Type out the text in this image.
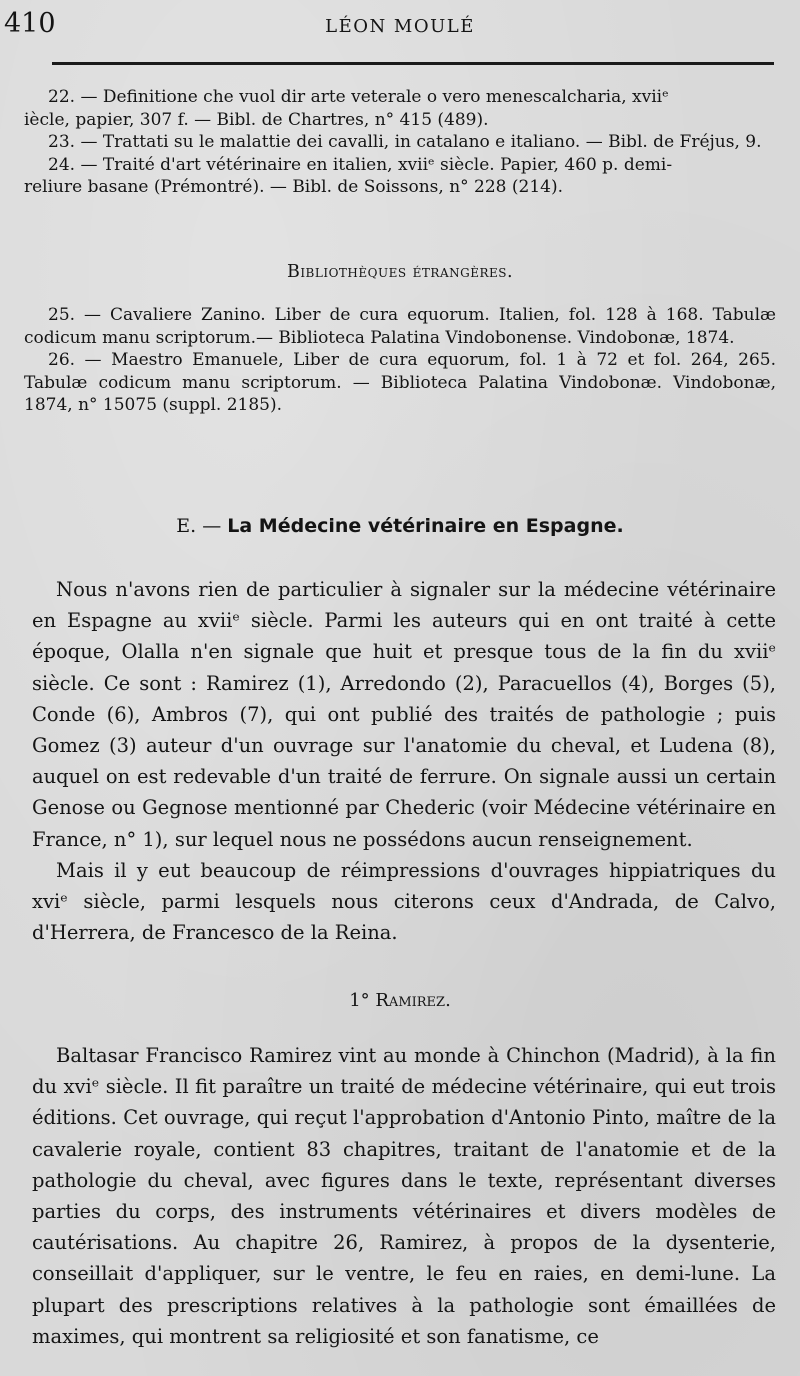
410	LÉON MOULÉ

22. — Definitione che vuol dir arte veterale o vero menescalcharia, xviiᵉ

iècle, papier, 307 f. — Bibl. de Chartres, n° 415 (489).

23. — Trattati su le malattie dei cavalli, in catalano e italiano. — Bibl. de Fréjus, 9.

24. — Traité d'art vétérinaire en italien, xviiᵉ siècle. Papier, 460 p. demi-

reliure basane (Prémontré). — Bibl. de Soissons, n° 228 (214).

Bibliothèques étrangères.

25. — Cavaliere Zanino. Liber de cura equorum. Italien, fol. 128 à 168. Tabulæ codicum manu scriptorum.— Biblioteca Palatina Vindobonense. Vindobonæ, 1874.

26. — Maestro Emanuele, Liber de cura equorum, fol. 1 à 72 et fol. 264, 265. Tabulæ codicum manu scriptorum. — Biblioteca Palatina Vindobonæ. Vindobonæ, 1874, n° 15075 (suppl. 2185).

E. — La Médecine vétérinaire en Espagne.

Nous n'avons rien de particulier à signaler sur la médecine vétérinaire en Espagne au xviiᵉ siècle. Parmi les auteurs qui en ont traité à cette époque, Olalla n'en signale que huit et presque tous de la fin du xviiᵉ siècle. Ce sont : Ramirez (1), Arredondo (2), Paracuellos (4), Borges (5), Conde (6), Ambros (7), qui ont publié des traités de pathologie ; puis Gomez (3) auteur d'un ouvrage sur l'anatomie du cheval, et Ludena (8), auquel on est redevable d'un traité de ferrure. On signale aussi un certain Genose ou Gegnose mentionné par Chederic (voir Médecine vétérinaire en France, n° 1), sur lequel nous ne possédons aucun renseignement.

Mais il y eut beaucoup de réimpressions d'ouvrages hippiatriques du xviᵉ siècle, parmi lesquels nous citerons ceux d'Andrada, de Calvo, d'Herrera, de Francesco de la Reina.

1° Ramirez.

Baltasar Francisco Ramirez vint au monde à Chinchon (Madrid), à la fin du xviᵉ siècle. Il fit paraître un traité de médecine vétérinaire, qui eut trois éditions. Cet ouvrage, qui reçut l'approbation d'Antonio Pinto, maître de la cavalerie royale, contient 83 chapitres, traitant de l'anatomie et de la pathologie du cheval, avec figures dans le texte, représentant diverses parties du corps, des instruments vétérinaires et divers modèles de cautérisations. Au chapitre 26, Ramirez, à propos de la dysenterie, conseillait d'appliquer, sur le ventre, le feu en raies, en demi-lune. La plupart des prescriptions relatives à la pathologie sont émaillées de maximes, qui montrent sa religiosité et son fanatisme, ce
